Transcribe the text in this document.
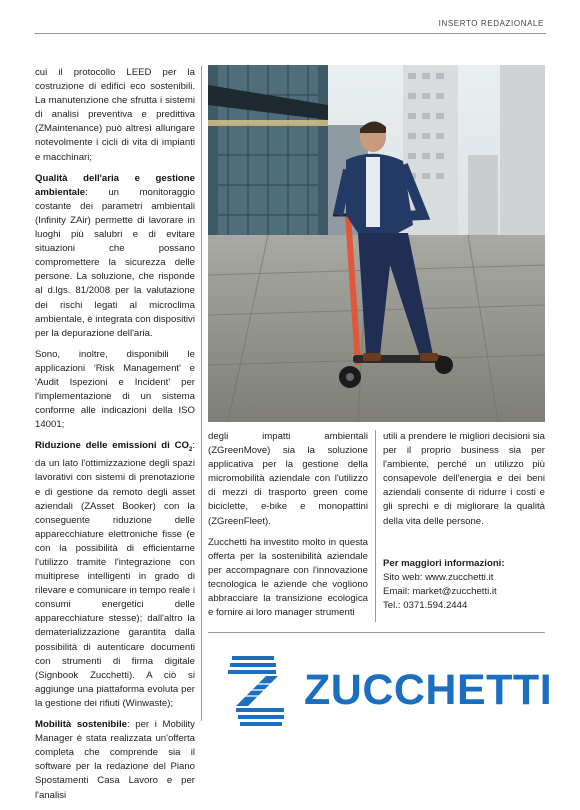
INSERTO REDAZIONALE

cui il protocollo LEED per la costruzione di edifici eco sostenibili. La manutenzione che sfrutta i sistemi di analisi preventiva e predittiva (ZMaintenance) può altresì allungare notevolmente i cicli di vita di impianti e macchinari;

Qualità dell'aria e gestione ambientale: un monitoraggio costante dei parametri ambientali (Infinity ZAir) permette di lavorare in luoghi più salubri e di evitare situazioni che possano compromettere la sicurezza delle persone. La soluzione, che risponde al d.lgs. 81/2008 per la valutazione dei rischi legati al microclima ambientale, è integrata con dispositivi per la depurazione dell'aria.

Sono, inoltre, disponibili le applicazioni 'Risk Management' e 'Audit Ispezioni e Incident' per l'implementazione di un sistema conforme alle indicazioni della ISO 14001;

Riduzione delle emissioni di $CO_2$: da un lato l'ottimizzazione degli spazi lavorativi con sistemi di prenotazione e di gestione da remoto degli asset aziendali (ZAsset Booker) con la conseguente riduzione delle apparecchiature elettroniche fisse (e con la possibilità di efficientarne l'utilizzo tramite l'integrazione con multipresе intelligenti in grado di rilevare e comunicare in tempo reale i consumi energetici delle apparecchiature stesse); dall'altro la dematerializzazione garantita dalla possibilità di autenticare documenti con strumenti di firma digitale (Signbook Zucchetti). A ciò si aggiunge una piattaforma evoluta per la gestione dei rifiuti (Winwaste);

Mobilità sostenibile: per i Mobility Manager è stata realizzata un'offerta completa che comprende sia il software per la redazione del Piano Spostamenti Casa Lavoro e per l'analisi

degli impatti ambientali (ZGreenMove) sia la soluzione applicativa per la gestione della micromobilità aziendale con l'utilizzo di mezzi di trasporto green come biciclette, e-bike e monopattini (ZGreenFleet).

Zucchetti ha investito molto in questa offerta per la sostenibilità aziendale per accompagnare con l'innovazione tecnologica le aziende che vogliono abbracciare la transizione ecologica e fornire ai loro manager strumenti

utili a prendere le migliori decisioni sia per il proprio business sia per l'ambiente, perché un utilizzo più consapevole dell'energia e dei beni aziendali consente di ridurre i costi e gli sprechi e di migliorare la qualità della vita delle persone.

Per maggiori informazioni:
Sito web: www.zucchetti.it
Email: market@zucchetti.it
Tel.: 0371.594.2444
ZUCCHETTI
